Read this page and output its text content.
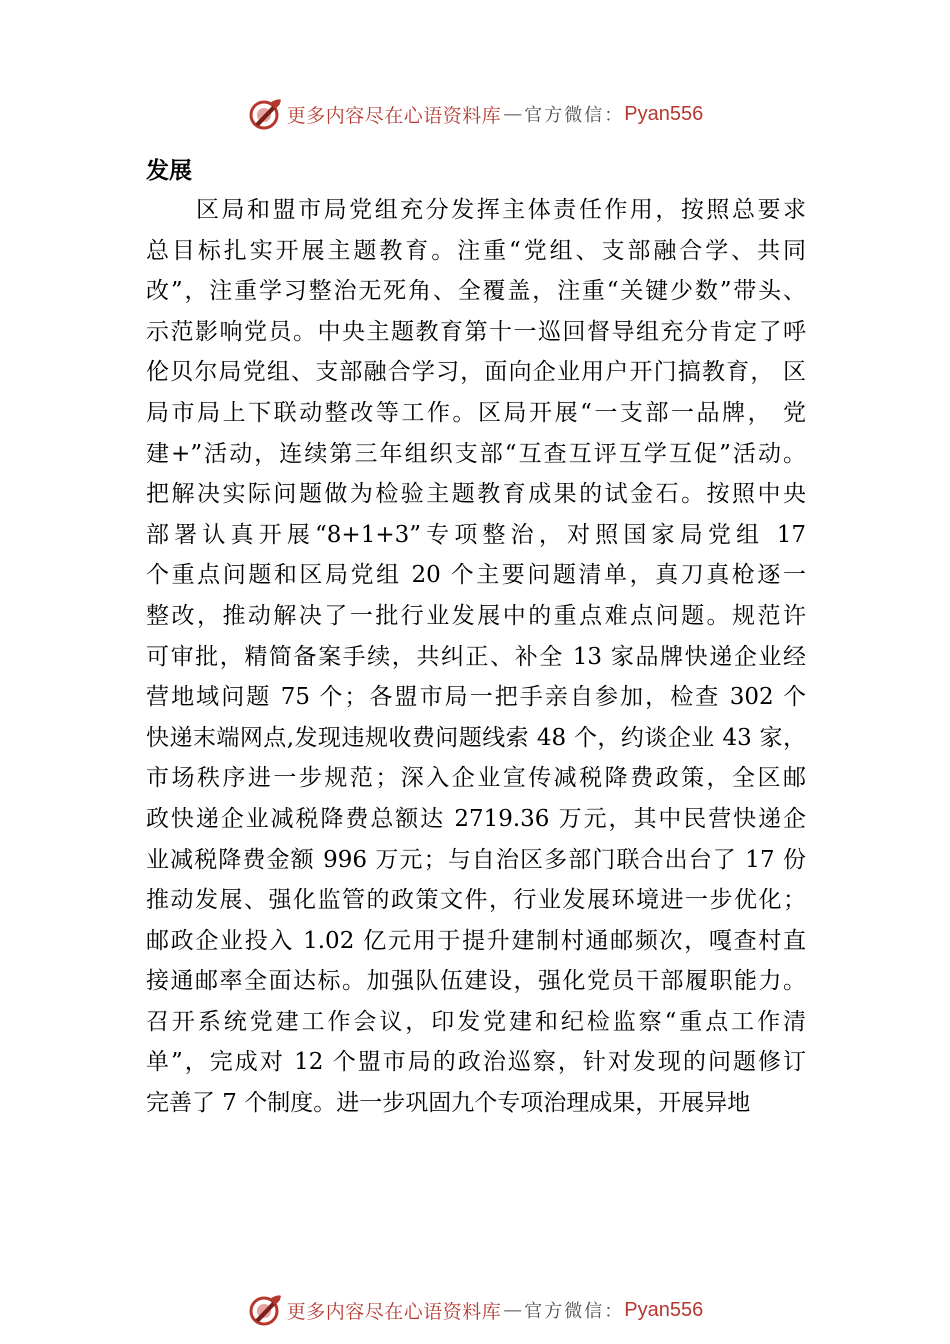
更多内容尽在心语资料库 — 官方微信： Pyan556
发展
区局和盟市局党组充分发挥主体责任作用，按照总要求
总目标扎实开展主题教育。注重“党组、支部融合学、共同
改”，注重学习整治无死角、全覆盖，注重“关键少数”带头、
示范影响党员。中央主题教育第十一巡回督导组充分肯定了呼
伦贝尔局党组、支部融合学习，面向企业用户开门搞教育， 区
局市局上下联动整改等工作。区局开展“一支部一品牌， 党
建+”活动，连续第三年组织支部“互查互评互学互促”活动。
把解决实际问题做为检验主题教育成果的试金石。按照中央
部署认真开展“8+1+3”专项整治，对照国家局党组 17
个重点问题和区局党组 20 个主要问题清单，真刀真枪逐一
整改，推动解决了一批行业发展中的重点难点问题。规范许
可审批，精简备案手续，共纠正、补全 13 家品牌快递企业经
营地域问题 75 个；各盟市局一把手亲自参加，检查 302 个
快递末端网点,发现违规收费问题线索 48 个，约谈企业 43 家，
市场秩序进一步规范；深入企业宣传减税降费政策，全区邮
政快递企业减税降费总额达 2719.36 万元，其中民营快递企
业减税降费金额 996 万元；与自治区多部门联合出台了 17 份
推动发展、强化监管的政策文件，行业发展环境进一步优化；
邮政企业投入 1.02 亿元用于提升建制村通邮频次，嘎查村直
接通邮率全面达标。加强队伍建设，强化党员干部履职能力。
召开系统党建工作会议，印发党建和纪检监察“重点工作清
单”，完成对 12 个盟市局的政治巡察，针对发现的问题修订
完善了 7 个制度。进一步巩固九个专项治理成果，开展异地
更多内容尽在心语资料库 — 官方微信： Pyan556
